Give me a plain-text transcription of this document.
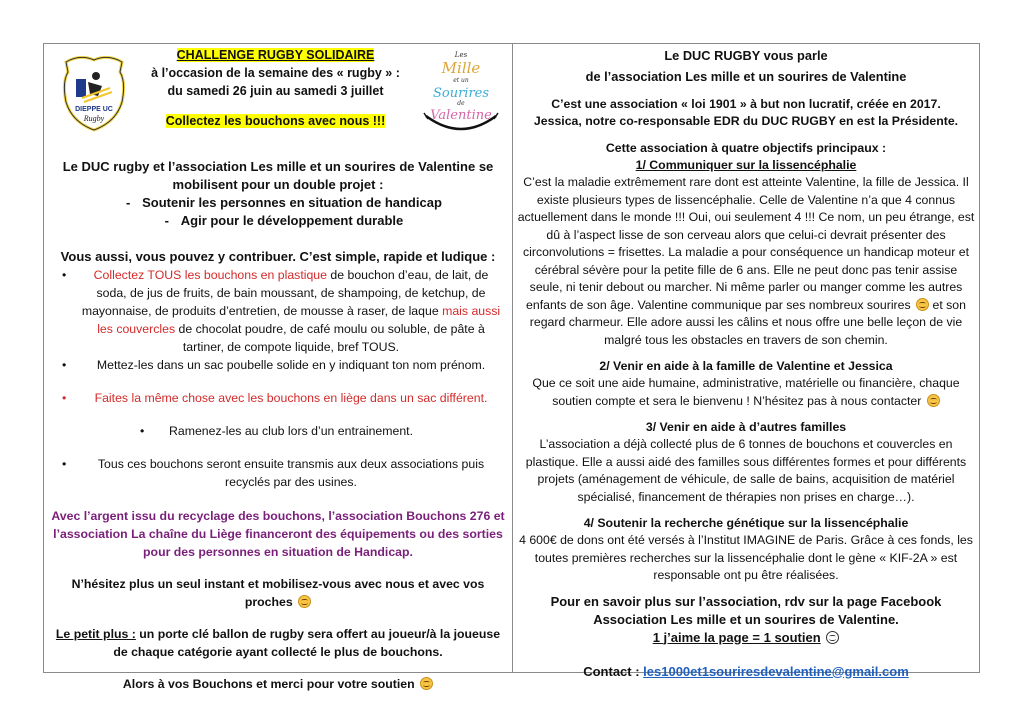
DIEPPE UC
Rugby
CHALLENGE RUGBY SOLIDAIRE
à l’occasion de la semaine des « rugby » :
du samedi 26 juin au samedi 3 juillet
Collectez les bouchons avec nous !!!
Les
Mille
et un
Sourires
de
Valentine
Le DUC rugby et l’association Les mille et un sourires de Valentine se mobilisent pour un double projet :
- Soutenir les personnes en situation de handicap
- Agir pour le développement durable
Vous aussi, vous pouvez y contribuer. C’est simple, rapide et ludique :
• Collectez TOUS les bouchons en plastique de bouchon d’eau, de lait, de soda, de jus de fruits, de bain moussant, de shampoing, de ketchup, de mayonnaise, de produits d’entretien, de mousse à raser, de laque mais aussi les couvercles de chocolat poudre, de café moulu ou soluble, de pâte à tartiner, de compote liquide, bref TOUS.
• Mettez-les dans un sac poubelle solide en y indiquant ton nom prénom.
• Faites la même chose avec les bouchons en liège dans un sac différent.
• Ramenez-les au club lors d’un entrainement.
•	Tous ces bouchons seront ensuite transmis aux deux associations puis recyclés par des usines.
Avec l’argent issu du recyclage des bouchons, l’association Bouchons 276 et l’association La chaîne du Liège financeront des équipements ou des sorties pour des personnes en situation de Handicap.
N’hésitez plus un seul instant et mobilisez-vous avec nous et avec vos proches
Le petit plus : un porte clé ballon de rugby sera offert au joueur/à la joueuse de chaque catégorie ayant collecté le plus de bouchons.
Alors à vos Bouchons et merci pour votre soutien
Le DUC RUGBY vous parle
de l’association Les mille et un sourires de Valentine
C’est une association « loi 1901 » à but non lucratif, créée en 2017.
Jessica, notre co-responsable EDR du DUC RUGBY en est la Présidente.
Cette association à quatre objectifs principaux :
1/ Communiquer sur la lissencéphalie
C’est la maladie extrêmement rare dont est atteinte Valentine, la fille de Jessica. Il existe plusieurs types de lissencéphalie. Celle de Valentine n’a que 4 connus actuellement dans le monde !!! Oui, oui seulement 4 !!! Ce nom, un peu étrange, est dû à l’aspect lisse de son cerveau alors que celui-ci devrait présenter des circonvolutions = frisettes. La maladie a pour conséquence un handicap moteur et cérébral sévère pour la petite fille de 6 ans. Elle ne peut donc pas tenir assise seule, ni tenir debout ou marcher. Ni même parler ou manger comme les autres enfants de son âge. Valentine communique par ses nombreux sourires  et son regard charmeur. Elle adore aussi les câlins et nous offre une belle leçon de vie malgré tous les obstacles en travers de son chemin.
2/ Venir en aide à la famille de Valentine et Jessica
Que ce soit une aide humaine, administrative, matérielle ou financière, chaque soutien compte et sera le bienvenu ! N’hésitez pas à nous contacter
3/ Venir en aide à d’autres familles
L’association a déjà collecté plus de 6 tonnes de bouchons et couvercles en plastique. Elle a aussi aidé des familles sous différentes formes et pour différents projets (aménagement de véhicule, de salle de bains, acquisition de matériel spécialisé, financement de thérapies non prises en charge…).
4/ Soutenir la recherche génétique sur la lissencéphalie
4 600€ de dons ont été versés à l’Institut IMAGINE de Paris. Grâce à ces fonds, les toutes premières recherches sur la lissencéphalie dont le gène « KIF-2A » est responsable ont pu être réalisées.
Pour en savoir plus sur l’association, rdv sur la page Facebook Association Les mille et un sourires de Valentine.
1 j’aime la page = 1 soutien
Contact : les1000et1souriresdevalentine@gmail.com
